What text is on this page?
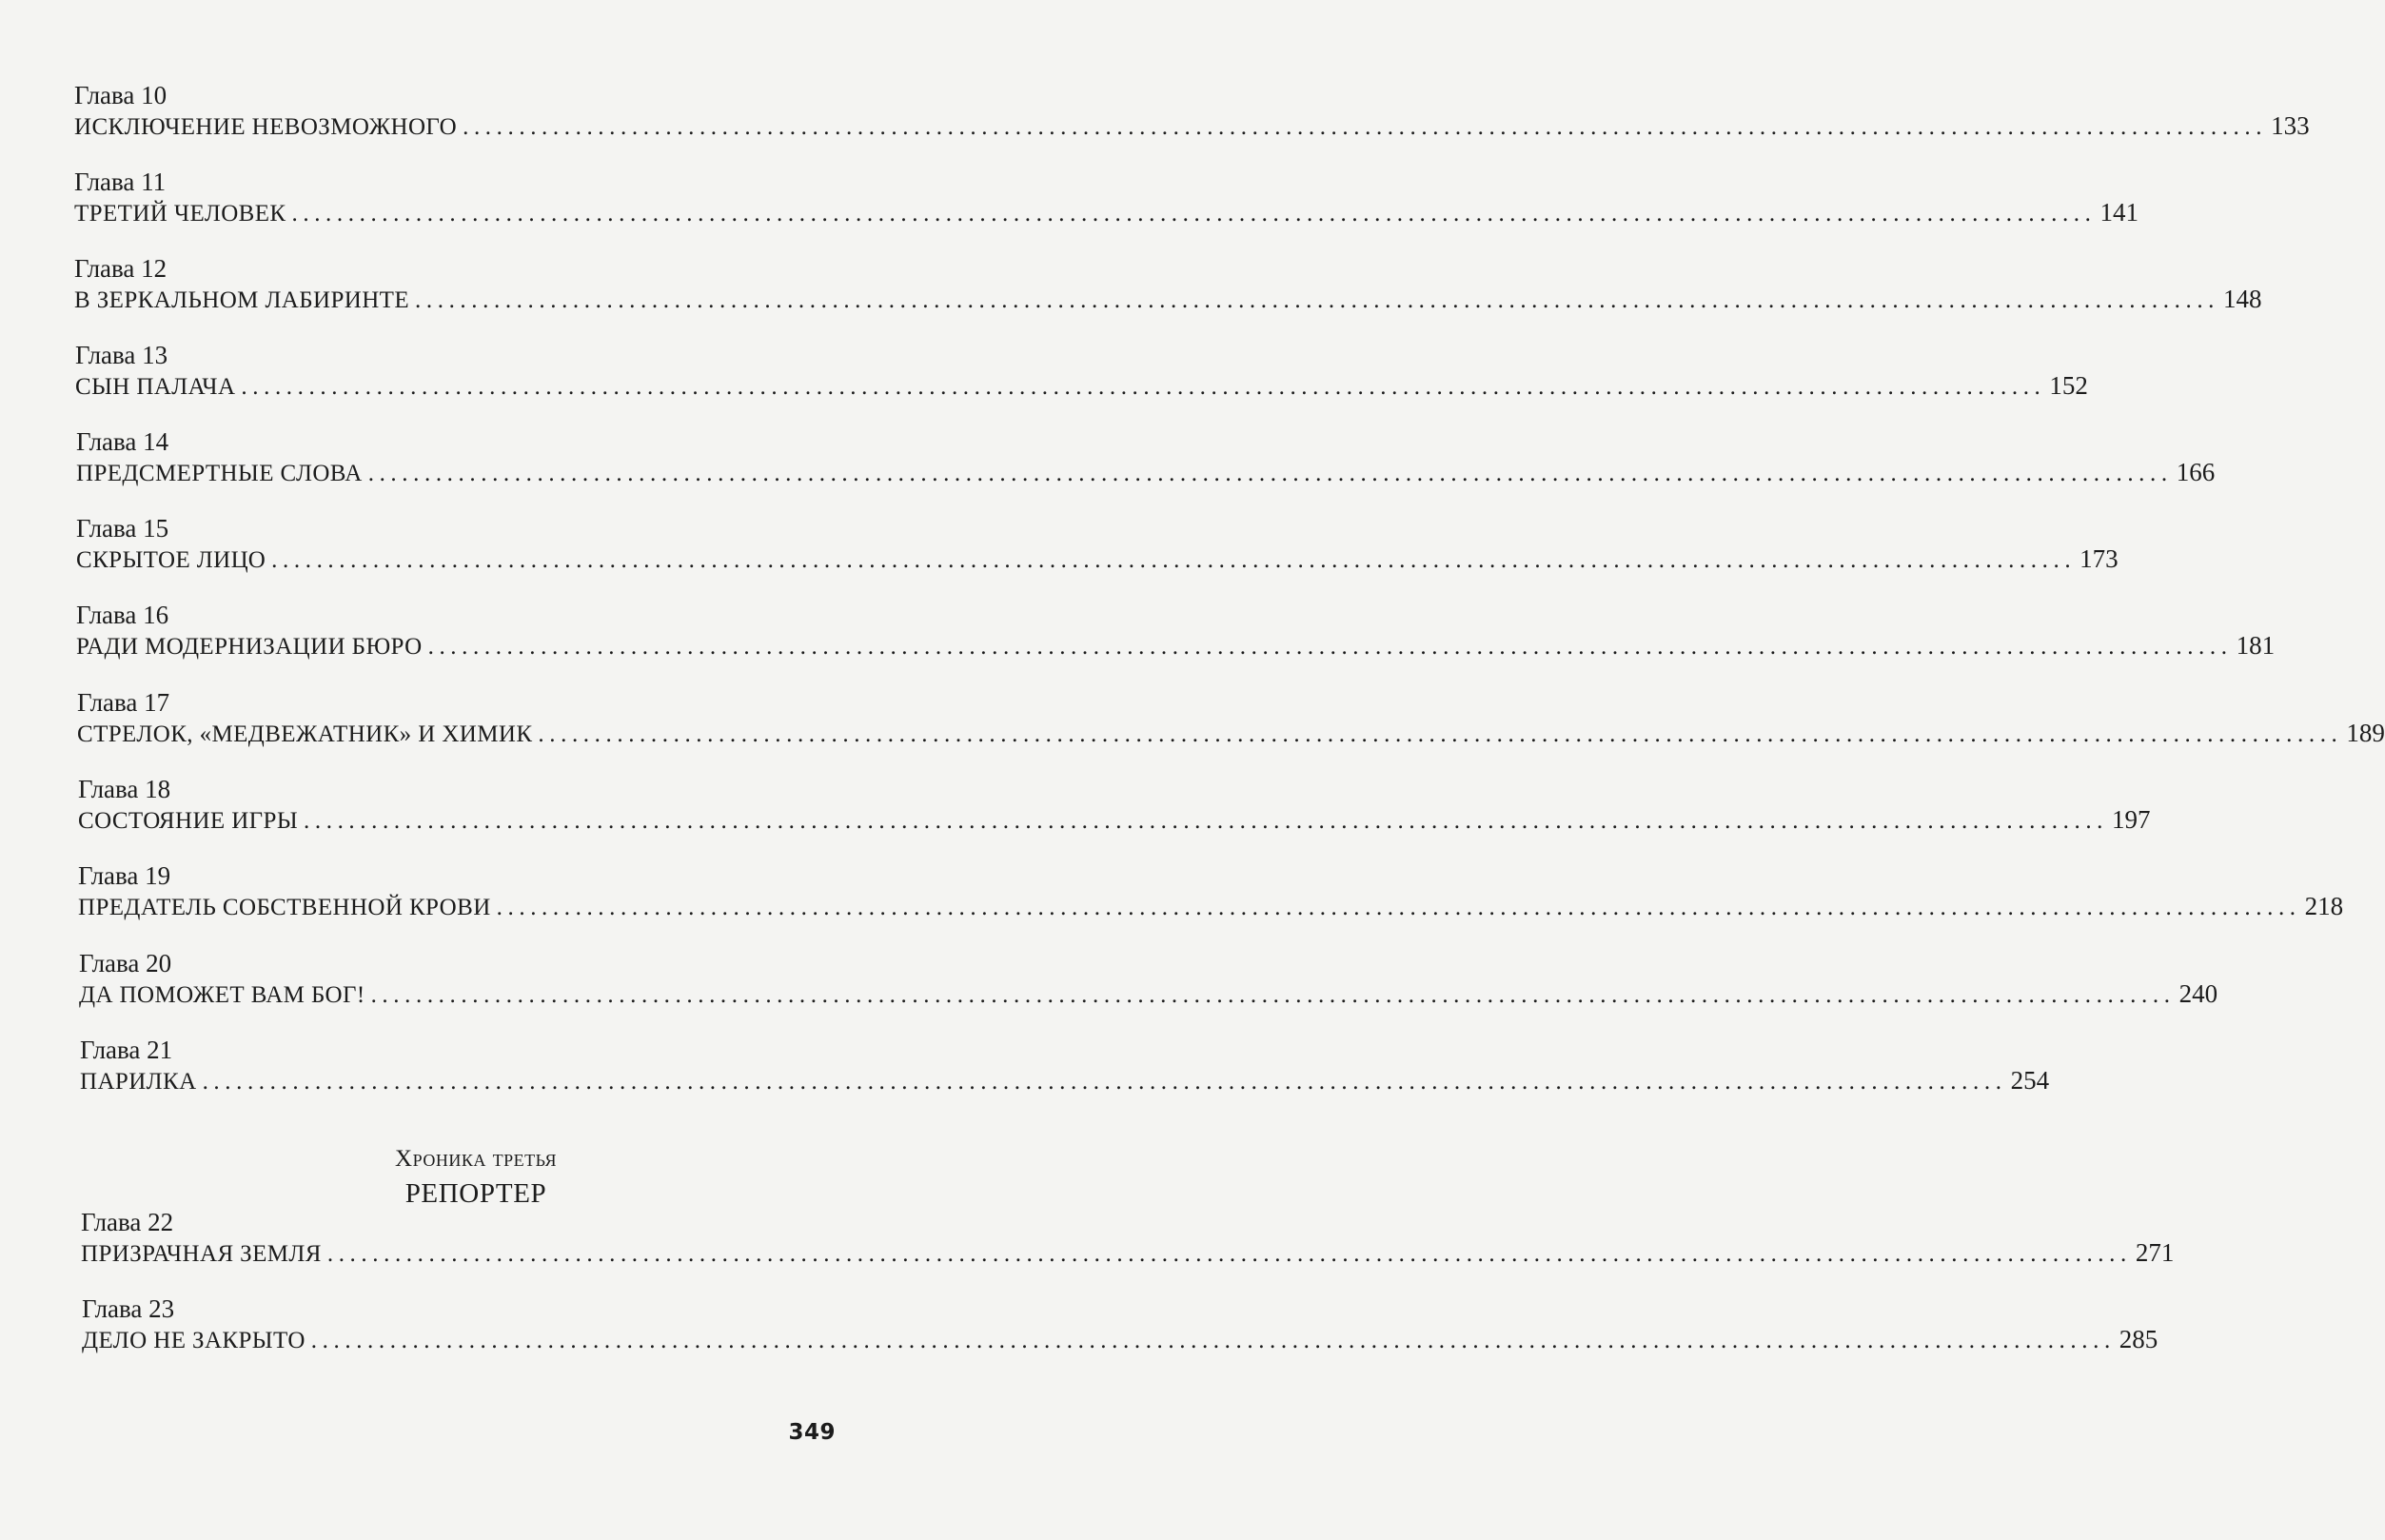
Глава 10
ИСКЛЮЧЕНИЕ НЕВОЗМОЖНОГО ................................................................................................................................................................ 133
Глава 11
ТРЕТИЙ ЧЕЛОВЕК ................................................................................................................................................................ 141
Глава 12
В ЗЕРКАЛЬНОМ ЛАБИРИНТЕ ................................................................................................................................................................ 148
Глава 13
СЫН ПАЛАЧА ................................................................................................................................................................ 152
Глава 14
ПРЕДСМЕРТНЫЕ СЛОВА ................................................................................................................................................................ 166
Глава 15
СКРЫТОЕ ЛИЦО ................................................................................................................................................................ 173
Глава 16
РАДИ МОДЕРНИЗАЦИИ БЮРО ................................................................................................................................................................ 181
Глава 17
СТРЕЛОК, «МЕДВЕЖАТНИК» И ХИМИК ................................................................................................................................................................ 189
Глава 18
СОСТОЯНИЕ ИГРЫ ................................................................................................................................................................ 197
Глава 19
ПРЕДАТЕЛЬ СОБСТВЕННОЙ КРОВИ ................................................................................................................................................................ 218
Глава 20
ДА ПОМОЖЕТ ВАМ БОГ! ................................................................................................................................................................ 240
Глава 21
ПАРИЛКА ................................................................................................................................................................ 254
Хроника третья
РЕПОРТЕР
Глава 22
ПРИЗРАЧНАЯ ЗЕМЛЯ ................................................................................................................................................................ 271
Глава 23
ДЕЛО НЕ ЗАКРЫТО ................................................................................................................................................................ 285
349
